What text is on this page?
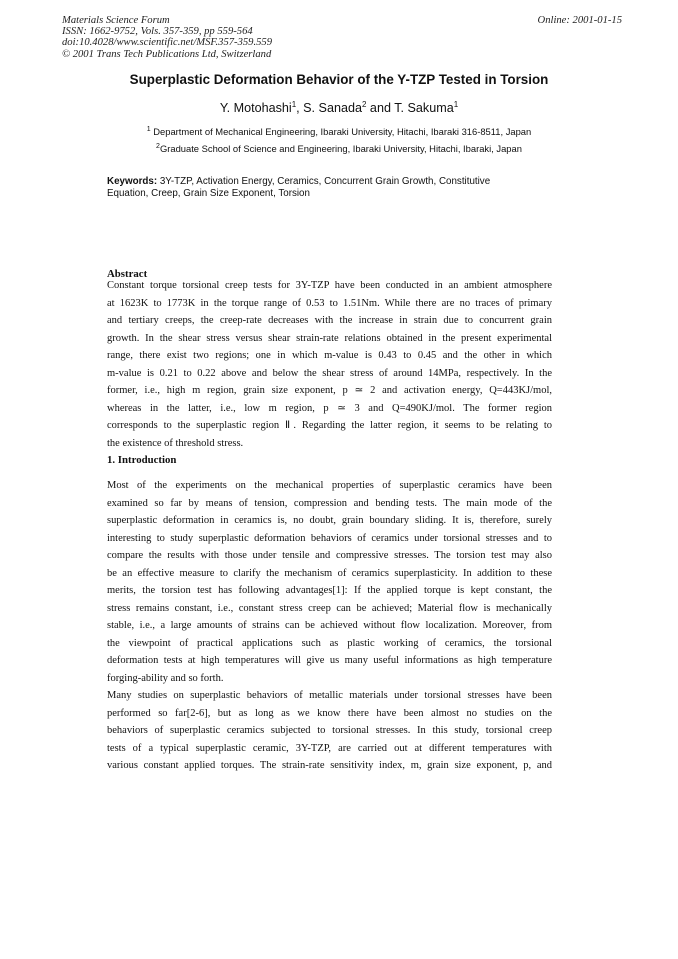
Materials Science Forum
ISSN: 1662-9752, Vols. 357-359, pp 559-564
doi:10.4028/www.scientific.net/MSF.357-359.559
© 2001 Trans Tech Publications Ltd, Switzerland
Online: 2001-01-15
Superplastic Deformation Behavior of the Y-TZP Tested in Torsion
Y. Motohashi$^1$, S. Sanada$^2$ and T. Sakuma$^1$
$^1$ Department of Mechanical Engineering, Ibaraki University, Hitachi, Ibaraki 316-8511, Japan
$^2$Graduate School of Science and Engineering, Ibaraki University, Hitachi, Ibaraki, Japan
Keywords: 3Y-TZP, Activation Energy, Ceramics, Concurrent Grain Growth, Constitutive
Equation, Creep, Grain Size Exponent, Torsion
Abstract
Constant torque torsional creep tests for 3Y-TZP have been conducted in an ambient atmosphere
at 1623K to 1773K in the torque range of 0.53 to 1.51Nm. While there are no traces of primary
and tertiary creeps, the creep-rate decreases with the increase in strain due to concurrent grain
growth. In the shear stress versus shear strain-rate relations obtained in the present experimental
range, there exist two regions; one in which m-value is 0.43 to 0.45 and the other in which
m-value is 0.21 to 0.22 above and below the shear stress of around 14MPa, respectively. In the
former, i.e., high m region, grain size exponent, p ≃ 2 and activation energy, Q=443KJ/mol,
whereas in the latter, i.e., low m region, p ≃ 3 and Q=490KJ/mol. The former region
corresponds to the superplastic region Ⅱ. Regarding the latter region, it seems to be relating to
the existence of threshold stress.
1. Introduction
Most of the experiments on the mechanical properties of superplastic ceramics have been
examined so far by means of tension, compression and bending tests. The main mode of the
superplastic deformation in ceramics is, no doubt, grain boundary sliding. It is, therefore, surely
interesting to study superplastic deformation behaviors of ceramics under torsional stresses and to
compare the results with those under tensile and compressive stresses. The torsion test may also
be an effective measure to clarify the mechanism of ceramics superplasticity. In addition to these
merits, the torsion test has following advantages[1]: If the applied torque is kept constant, the
stress remains constant, i.e., constant stress creep can be achieved; Material flow is mechanically
stable, i.e., a large amounts of strains can be achieved without flow localization. Moreover, from
the viewpoint of practical applications such as plastic working of ceramics, the torsional
deformation tests at high temperatures will give us many useful informations as high temperature
forging-ability and so forth.
Many studies on superplastic behaviors of metallic materials under torsional stresses have been
performed so far[2-6], but as long as we know there have been almost no studies on the
behaviors of superplastic ceramics subjected to torsional stresses. In this study, torsional creep
tests of a typical superplastic ceramic, 3Y-TZP, are carried out at different temperatures with
various constant applied torques. The strain-rate sensitivity index, m, grain size exponent, p, and
